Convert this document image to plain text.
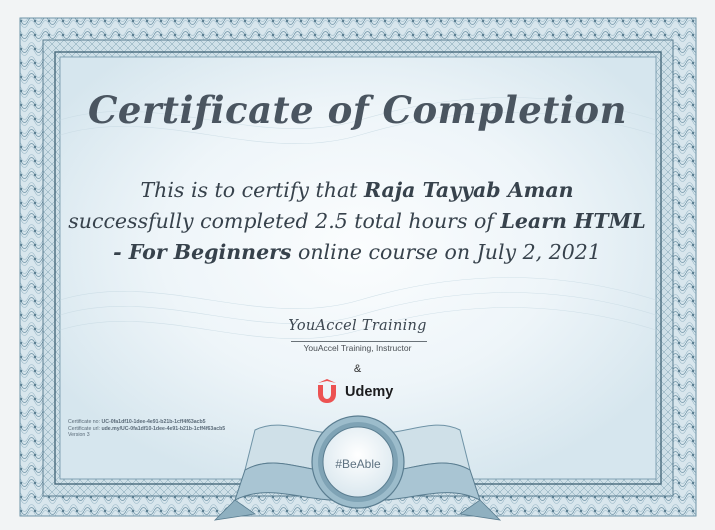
Certificate of Completion
This is to certify that Raja Tayyab Aman
successfully completed 2.5 total hours of Learn HTML - For Beginners online course on July 2, 2021
YouAccel Training
YouAccel Training, Instructor
&
Udemy
Certificate no: UC-0fa1df10-1dee-4e91-b21b-1cff4f63acb5
Certificate url: ude.my/UC-0fa1df10-1dee-4e91-b21b-1cff4f63acb5
Version 3
#BeAble
